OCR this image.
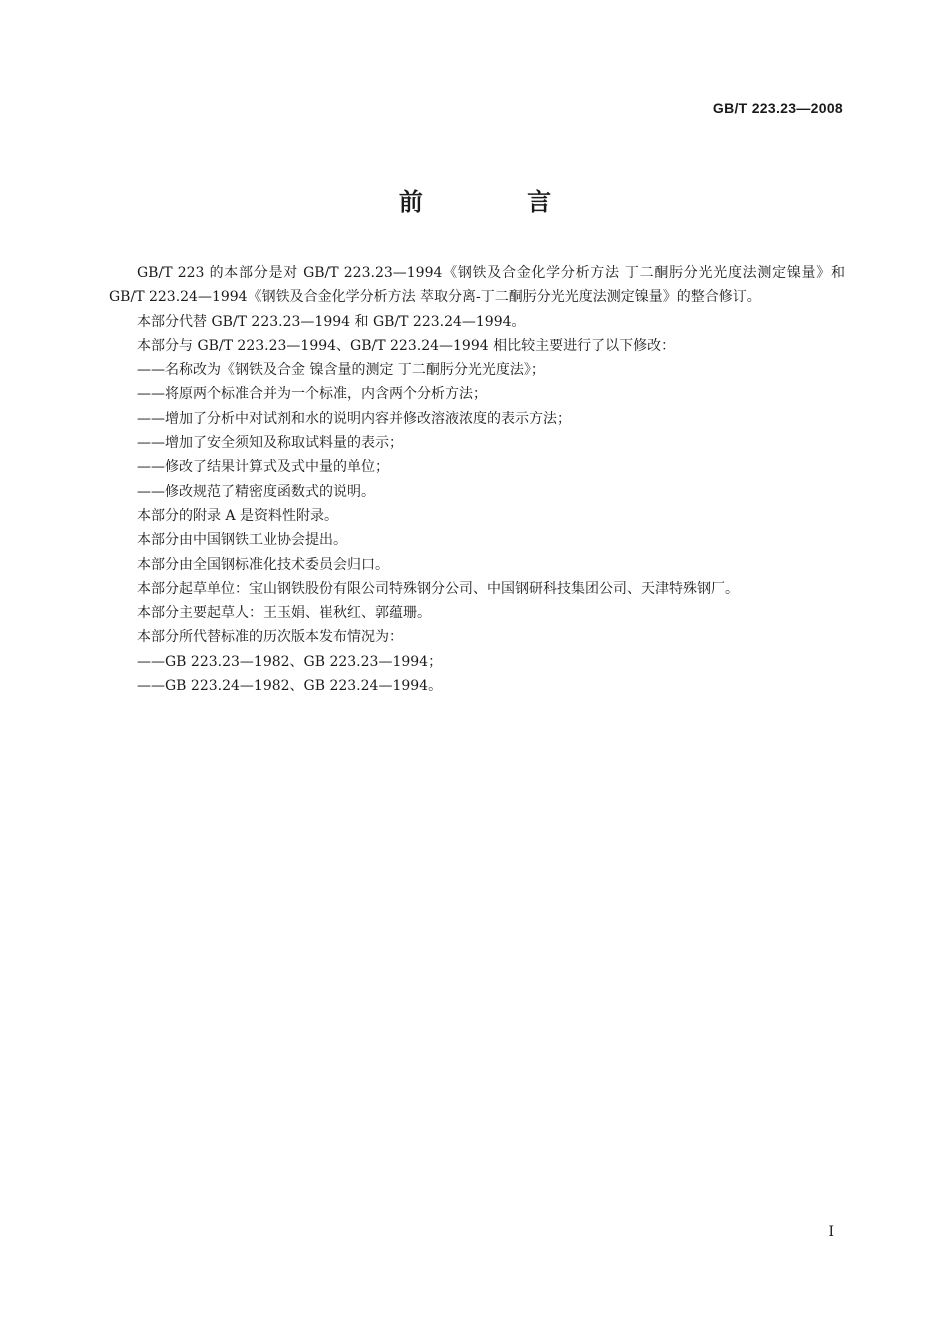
GB/T 223.23—2008
前 言

GB/T 223 的本部分是对 GB/T 223.23—1994《钢铁及合金化学分析方法 丁二酮肟分光光度法测定镍量》和 GB/T 223.24—1994《钢铁及合金化学分析方法 萃取分离-丁二酮肟分光光度法测定镍量》的整合修订。

本部分代替 GB/T 223.23—1994 和 GB/T 223.24—1994。

本部分与 GB/T 223.23—1994、GB/T 223.24—1994 相比较主要进行了以下修改：

——名称改为《钢铁及合金 镍含量的测定 丁二酮肟分光光度法》；

——将原两个标准合并为一个标准，内含两个分析方法；

——增加了分析中对试剂和水的说明内容并修改溶液浓度的表示方法；

——增加了安全须知及称取试料量的表示；

——修改了结果计算式及式中量的单位；

——修改规范了精密度函数式的说明。

本部分的附录 A 是资料性附录。

本部分由中国钢铁工业协会提出。

本部分由全国钢标准化技术委员会归口。

本部分起草单位：宝山钢铁股份有限公司特殊钢分公司、中国钢研科技集团公司、天津特殊钢厂。

本部分主要起草人：王玉娟、崔秋红、郭蕴珊。

本部分所代替标准的历次版本发布情况为：

——GB 223.23—1982、GB 223.23—1994；

——GB 223.24—1982、GB 223.24—1994。

I
